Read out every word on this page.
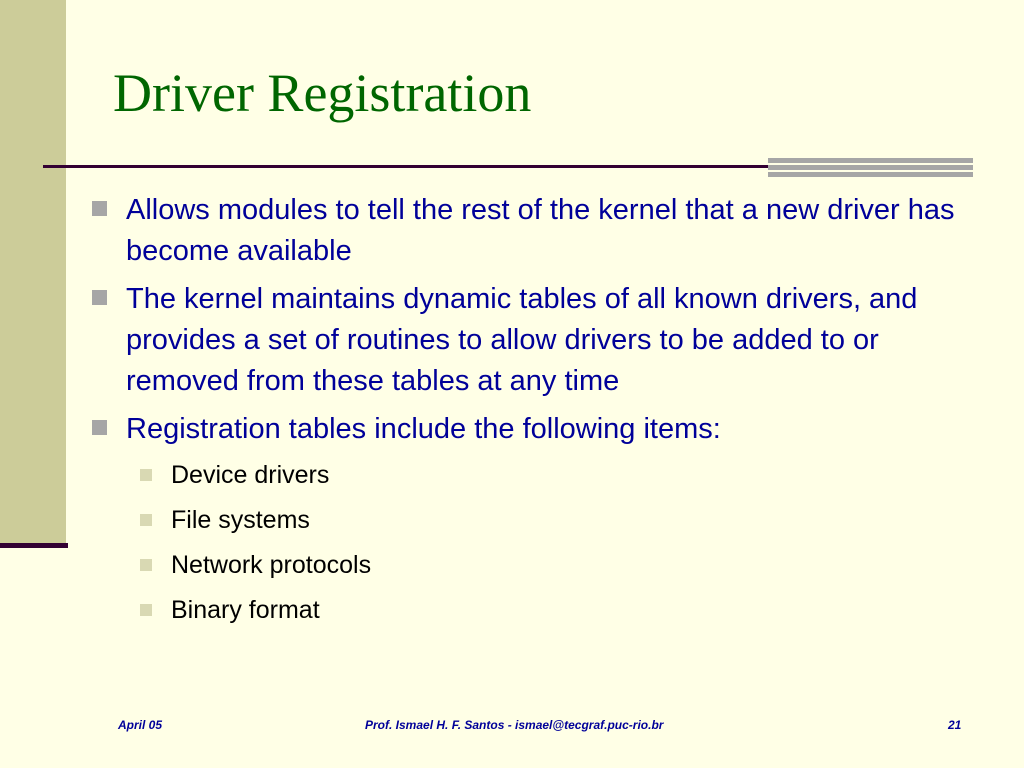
Driver Registration
Allows modules to tell the rest of the kernel that a new driver has become available
The kernel maintains dynamic tables of all known drivers, and provides a set of routines to allow drivers to be added to or removed from these tables at any time
Registration tables include the following items:
Device drivers
File systems
Network protocols
Binary format
April 05	Prof. Ismael H. F. Santos - ismael@tecgraf.puc-rio.br	21
